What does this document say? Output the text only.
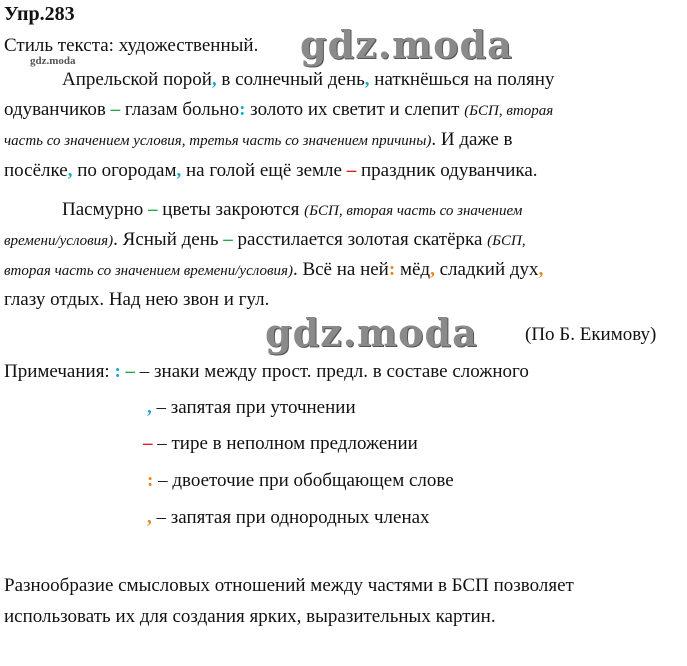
Упр.283
Стиль текста: художественный. gdz.moda
gdz.moda
Апрельской порой, в солнечный день, наткнёшься на поляну
одуванчиков – глазам больно: золото их светит и слепит (БСП, вторая
часть со значением условия, третья часть со значением причины). И даже в
посёлке, по огородам, на голой ещё земле – праздник одуванчика.
Пасмурно – цветы закроются (БСП, вторая часть со значением
времени/условия). Ясный день – расстилается золотая скатёрка (БСП,
вторая часть со значением времени/условия). Всё на ней: мёд, сладкий дух,
глазу отдых. Над нею звон и гул.
gdz.moda (По Б. Екимову)
Примечания: : – – знаки между прост. предл. в составе сложного
, – запятая при уточнении
– – тире в неполном предложении
: – двоеточие при обобщающем слове
, – запятая при однородных членах
Разнообразие смысловых отношений между частями в БСП позволяет
использовать их для создания ярких, выразительных картин.
